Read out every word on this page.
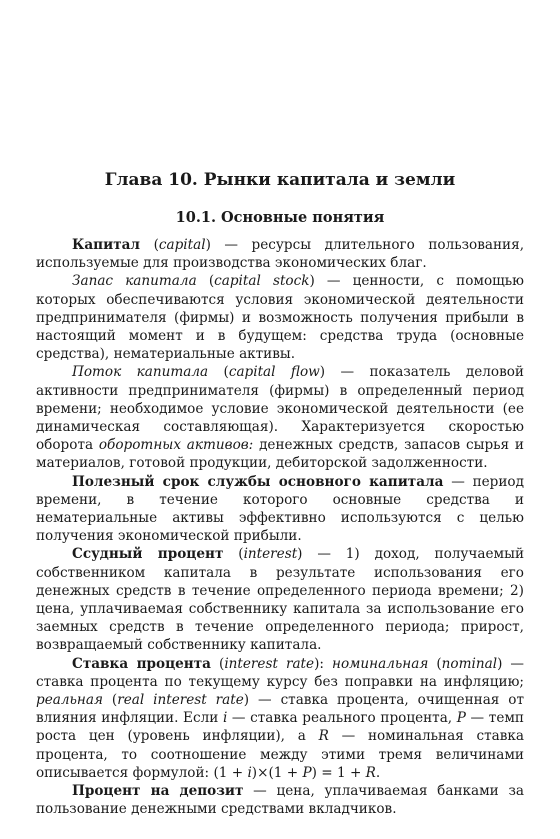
Глава 10. Рынки капитала и земли
10.1. Основные понятия

Капитал (capital) — ресурсы длительного пользования, используемые для производства экономических благ.

Запас капитала (capital stock) — ценности, с помощью которых обеспечиваются условия экономической деятельности предпринимателя (фирмы) и возможность получения прибыли в настоящий момент и в будущем: средства труда (основные средства), нематериальные активы.

Поток капитала (capital flow) — показатель деловой активности предпринимателя (фирмы) в определенный период времени; необходимое условие экономической деятельности (ее динамическая составляющая). Характеризуется скоростью оборота оборотных активов: денежных средств, запасов сырья и материалов, готовой продукции, дебиторской задолженности.

Полезный срок службы основного капитала — период времени, в течение которого основные средства и нематериальные активы эффективно используются с целью получения экономической прибыли.

Ссудный процент (interest) — 1) доход, получаемый собственником капитала в результате использования его денежных средств в течение определенного периода времени; 2) цена, уплачиваемая собственнику капитала за использование его заемных средств в течение определенного периода; прирост, возвращаемый собственнику капитала.

Ставка процента (interest rate): номинальная (nominal) — ставка процента по текущему курсу без поправки на инфляцию; реальная (real interest rate) — ставка процента, очищенная от влияния инфляции. Если i — ставка реального процента, P — темп роста цен (уровень инфляции), а R — номинальная ставка процента, то соотношение между этими тремя величинами описывается формулой: (1 + i)×(1 + P) = 1 + R.

Процент на депозит — цена, уплачиваемая банками за пользование денежными средствами вкладчиков.
